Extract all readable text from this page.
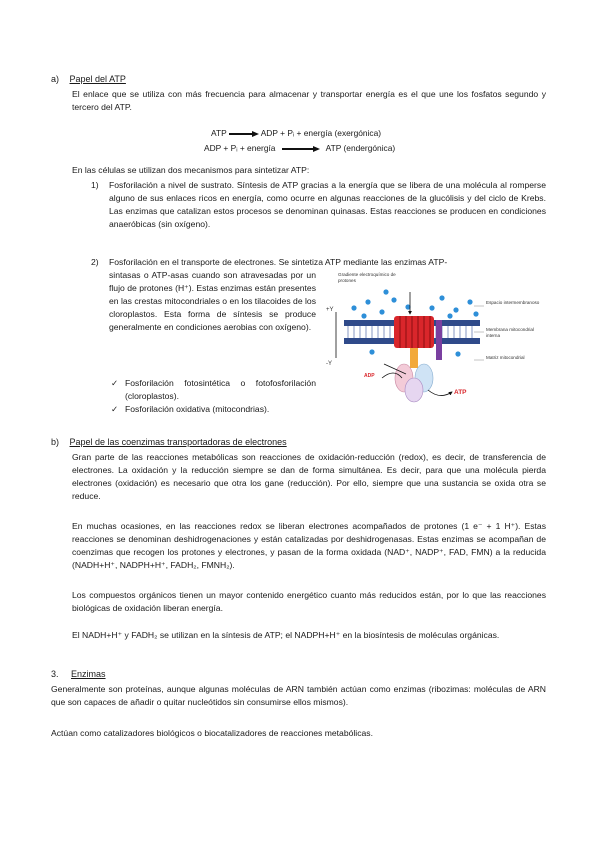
a) Papel del ATP

El enlace que se utiliza con más frecuencia para almacenar y transportar energía es el que une los fosfatos segundo y tercero del ATP.

ATP	ADP + Pᵢ + energía (exergónica)
ADP + Pᵢ + energía	ATP (endergónica)

En las células se utilizan dos mecanismos para sintetizar ATP:

1) Fosforilación a nivel de sustrato. Síntesis de ATP gracias a la energía que se libera de una molécula al romperse alguno de sus enlaces ricos en energía, como ocurre en algunas reacciones de la glucólisis y del ciclo de Krebs. Las enzimas que catalizan estos procesos se denominan quinasas. Estas reacciones se producen en condiciones anaeróbicas (sin oxígeno).

2) Fosforilación en el transporte de electrones. Se sintetiza ATP mediante las enzimas ATP-

sintasas o ATP-asas cuando son atravesadas por un flujo de protones (H⁺). Estas enzimas están presentes en las crestas mitocondriales o en los tilacoides de los cloroplastos. Esta forma de síntesis se produce generalmente en condiciones aerobias con oxígeno).

✓ Fosforilación fotosintética o fotofosforilación (cloroplastos).
✓ Fosforilación oxidativa (mitocondrias).
Gradiente electroquímico de protones
Espacio intermembranoso
Membrana mitocondrial interna
Matriz mitocondrial
+Y
-Y
ADP
ATP
b) Papel de las coenzimas transportadoras de electrones

Gran parte de las reacciones metabólicas son reacciones de oxidación-reducción (redox), es decir, de transferencia de electrones. La oxidación y la reducción siempre se dan de forma simultánea. Es decir, para que una molécula pierda electrones (oxidación) es necesario que otra los gane (reducción). Por ello, siempre que una sustancia se oxida otra se reduce.

En muchas ocasiones, en las reacciones redox se liberan electrones acompañados de protones (1 e⁻ + 1 H⁺). Estas reacciones se denominan deshidrogenaciones y están catalizadas por deshidrogenasas. Estas enzimas se acompañan de coenzimas que recogen los protones y electrones, y pasan de la forma oxidada (NAD⁺, NADP⁺, FAD, FMN) a la reducida (NADH+H⁺, NADPH+H⁺, FADH₂, FMNH₂).

Los compuestos orgánicos tienen un mayor contenido energético cuanto más reducidos están, por lo que las reacciones biológicas de oxidación liberan energía.

El NADH+H⁺ y FADH₂ se utilizan en la síntesis de ATP; el NADPH+H⁺ en la biosíntesis de moléculas orgánicas.

3. Enzimas

Generalmente son proteínas, aunque algunas moléculas de ARN también actúan como enzimas (ribozimas: moléculas de ARN que son capaces de añadir o quitar nucleótidos sin consumirse ellos mismos).

Actúan como catalizadores biológicos o biocatalizadores de reacciones metabólicas.
